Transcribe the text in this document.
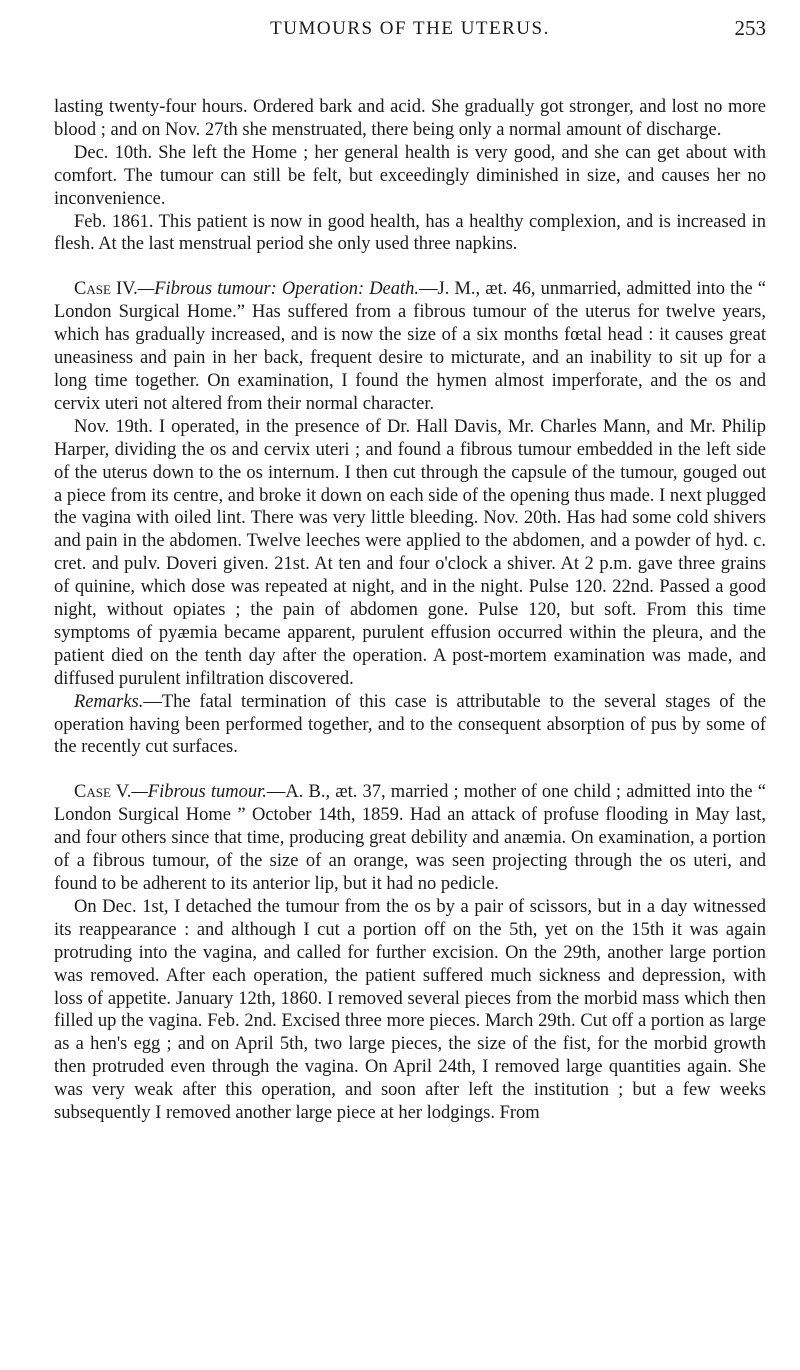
TUMOURS OF THE UTERUS.	253

lasting twenty-four hours. Ordered bark and acid. She gradually got stronger, and lost no more blood ; and on Nov. 27th she menstruated, there being only a normal amount of discharge.

Dec. 10th. She left the Home ; her general health is very good, and she can get about with comfort. The tumour can still be felt, but exceedingly diminished in size, and causes her no inconvenience.

Feb. 1861. This patient is now in good health, has a healthy complexion, and is increased in flesh. At the last menstrual period she only used three napkins.

Case IV.—Fibrous tumour: Operation: Death.—J. M., æt. 46, unmarried, admitted into the “ London Surgical Home.” Has suffered from a fibrous tumour of the uterus for twelve years, which has gradually increased, and is now the size of a six months fœtal head : it causes great uneasiness and pain in her back, frequent desire to micturate, and an inability to sit up for a long time together. On examination, I found the hymen almost imperforate, and the os and cervix uteri not altered from their normal character.

Nov. 19th. I operated, in the presence of Dr. Hall Davis, Mr. Charles Mann, and Mr. Philip Harper, dividing the os and cervix uteri ; and found a fibrous tumour embedded in the left side of the uterus down to the os internum. I then cut through the capsule of the tumour, gouged out a piece from its centre, and broke it down on each side of the opening thus made. I next plugged the vagina with oiled lint. There was very little bleeding. Nov. 20th. Has had some cold shivers and pain in the abdomen. Twelve leeches were applied to the abdomen, and a powder of hyd. c. cret. and pulv. Doveri given. 21st. At ten and four o'clock a shiver. At 2 p.m. gave three grains of quinine, which dose was repeated at night, and in the night. Pulse 120. 22nd. Passed a good night, without opiates ; the pain of abdomen gone. Pulse 120, but soft. From this time symptoms of pyæmia became apparent, purulent effusion occurred within the pleura, and the patient died on the tenth day after the operation. A post-mortem examination was made, and diffused purulent infiltration discovered.

Remarks.—The fatal termination of this case is attributable to the several stages of the operation having been performed together, and to the consequent absorption of pus by some of the recently cut surfaces.

Case V.—Fibrous tumour.—A. B., æt. 37, married ; mother of one child ; admitted into the “ London Surgical Home ” October 14th, 1859. Had an attack of profuse flooding in May last, and four others since that time, producing great debility and anæmia. On examination, a portion of a fibrous tumour, of the size of an orange, was seen projecting through the os uteri, and found to be adherent to its anterior lip, but it had no pedicle.

On Dec. 1st, I detached the tumour from the os by a pair of scissors, but in a day witnessed its reappearance : and although I cut a portion off on the 5th, yet on the 15th it was again protruding into the vagina, and called for further excision. On the 29th, another large portion was removed. After each operation, the patient suffered much sickness and depression, with loss of appetite. January 12th, 1860. I removed several pieces from the morbid mass which then filled up the vagina. Feb. 2nd. Excised three more pieces. March 29th. Cut off a portion as large as a hen's egg ; and on April 5th, two large pieces, the size of the fist, for the morbid growth then protruded even through the vagina. On April 24th, I removed large quantities again. She was very weak after this operation, and soon after left the institution ; but a few weeks subsequently I removed another large piece at her lodgings. From
